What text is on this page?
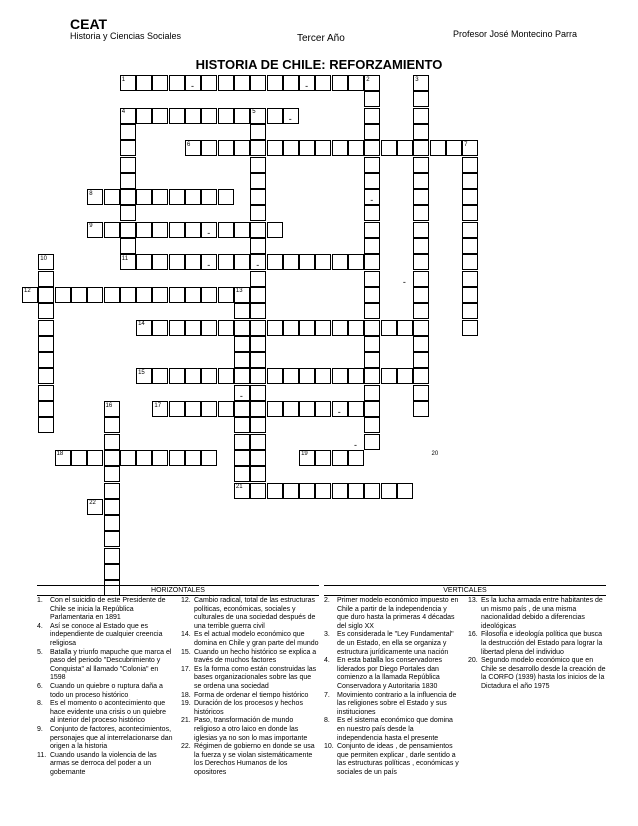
CEAT
Historia y Ciencias Sociales	Tercer Año	Profesor José Montecino Parra
HISTORIA DE CHILE: REFORZAMIENTO
1	2	3
4	5
6	7
8
9
10	11
12	13
14
15
16	17
18	19	20
21
22
-	-
-
-
-
-	-
-
-
-
-
HORIZONTALES	VERTICALES
1.	Con el suicidio de este Presidente de Chile se inicia la República Parlamentaria en 1891
4.	Así se conoce al Estado que es independiente de cualquier creencia religiosa
5.	Batalla y triunfo mapuche que marca el paso del periodo "Descubrimiento y Conquista" al llamado "Colonia" en 1598
6.	Cuando un quiebre o ruptura daña a todo un proceso histórico
8.	Es el momento o acontecimiento que hace evidente una crisis o un quiebre al interior del proceso histórico
9.	Conjunto de factores, acontecimientos, personajes que al interrelacionarse dan origen a la historia
11. Cuando usando la violencia de las armas se derroca del poder a un gobernante
12. Cambio radical, total de las estructuras políticas, económicas, sociales y culturales de una sociedad después de una terrible guerra civil
14. Es el actual modelo económico que domina en Chile y gran parte del mundo
15. Cuando un hecho histórico se explica a través de muchos factores
17. Es la forma como están construidas las bases organizacionales sobre las que se ordena una sociedad
18. Forma de ordenar el tiempo histórico
19. Duración de los procesos y hechos históricos
21. Paso, transformación de mundo religioso a otro laico en donde las iglesias ya no son lo mas importante
22. Régimen de gobierno en donde se usa la fuerza y se violan sistemáticamente los Derechos Humanos de los opositores
2.	Primer modelo económico impuesto en Chile a partir de la independencia y que duro hasta la primeras 4 décadas del siglo XX
3.	Es considerada le "Ley Fundamental" de un Estado, en ella se organiza y estructura jurídicamente una nación
4.	En esta batalla los conservadores liderados por Diego Portales dan comienzo a la llamada República Conservadora y Autoritaria 1830
7.	Movimiento contrario a la influencia de las religiones sobre el Estado y sus instituciones
8.	Es el sistema económico que domina en nuestro país desde la independencia hasta el presente
10. Conjunto de ideas , de pensamientos que permiten explicar , darle sentido a las estructuras políticas , económicas y sociales de un país
13. Es la lucha armada entre habitantes de un mismo país , de una misma nacionalidad debido a diferencias ideológicas
16. Filosofía e ideología política que busca la destrucción del Estado para lograr la libertad plena del individuo
20. Segundo modelo económico que en Chile se desarrollo desde la creación de la CORFO (1939) hasta los inicios de la Dictadura el año 1975
